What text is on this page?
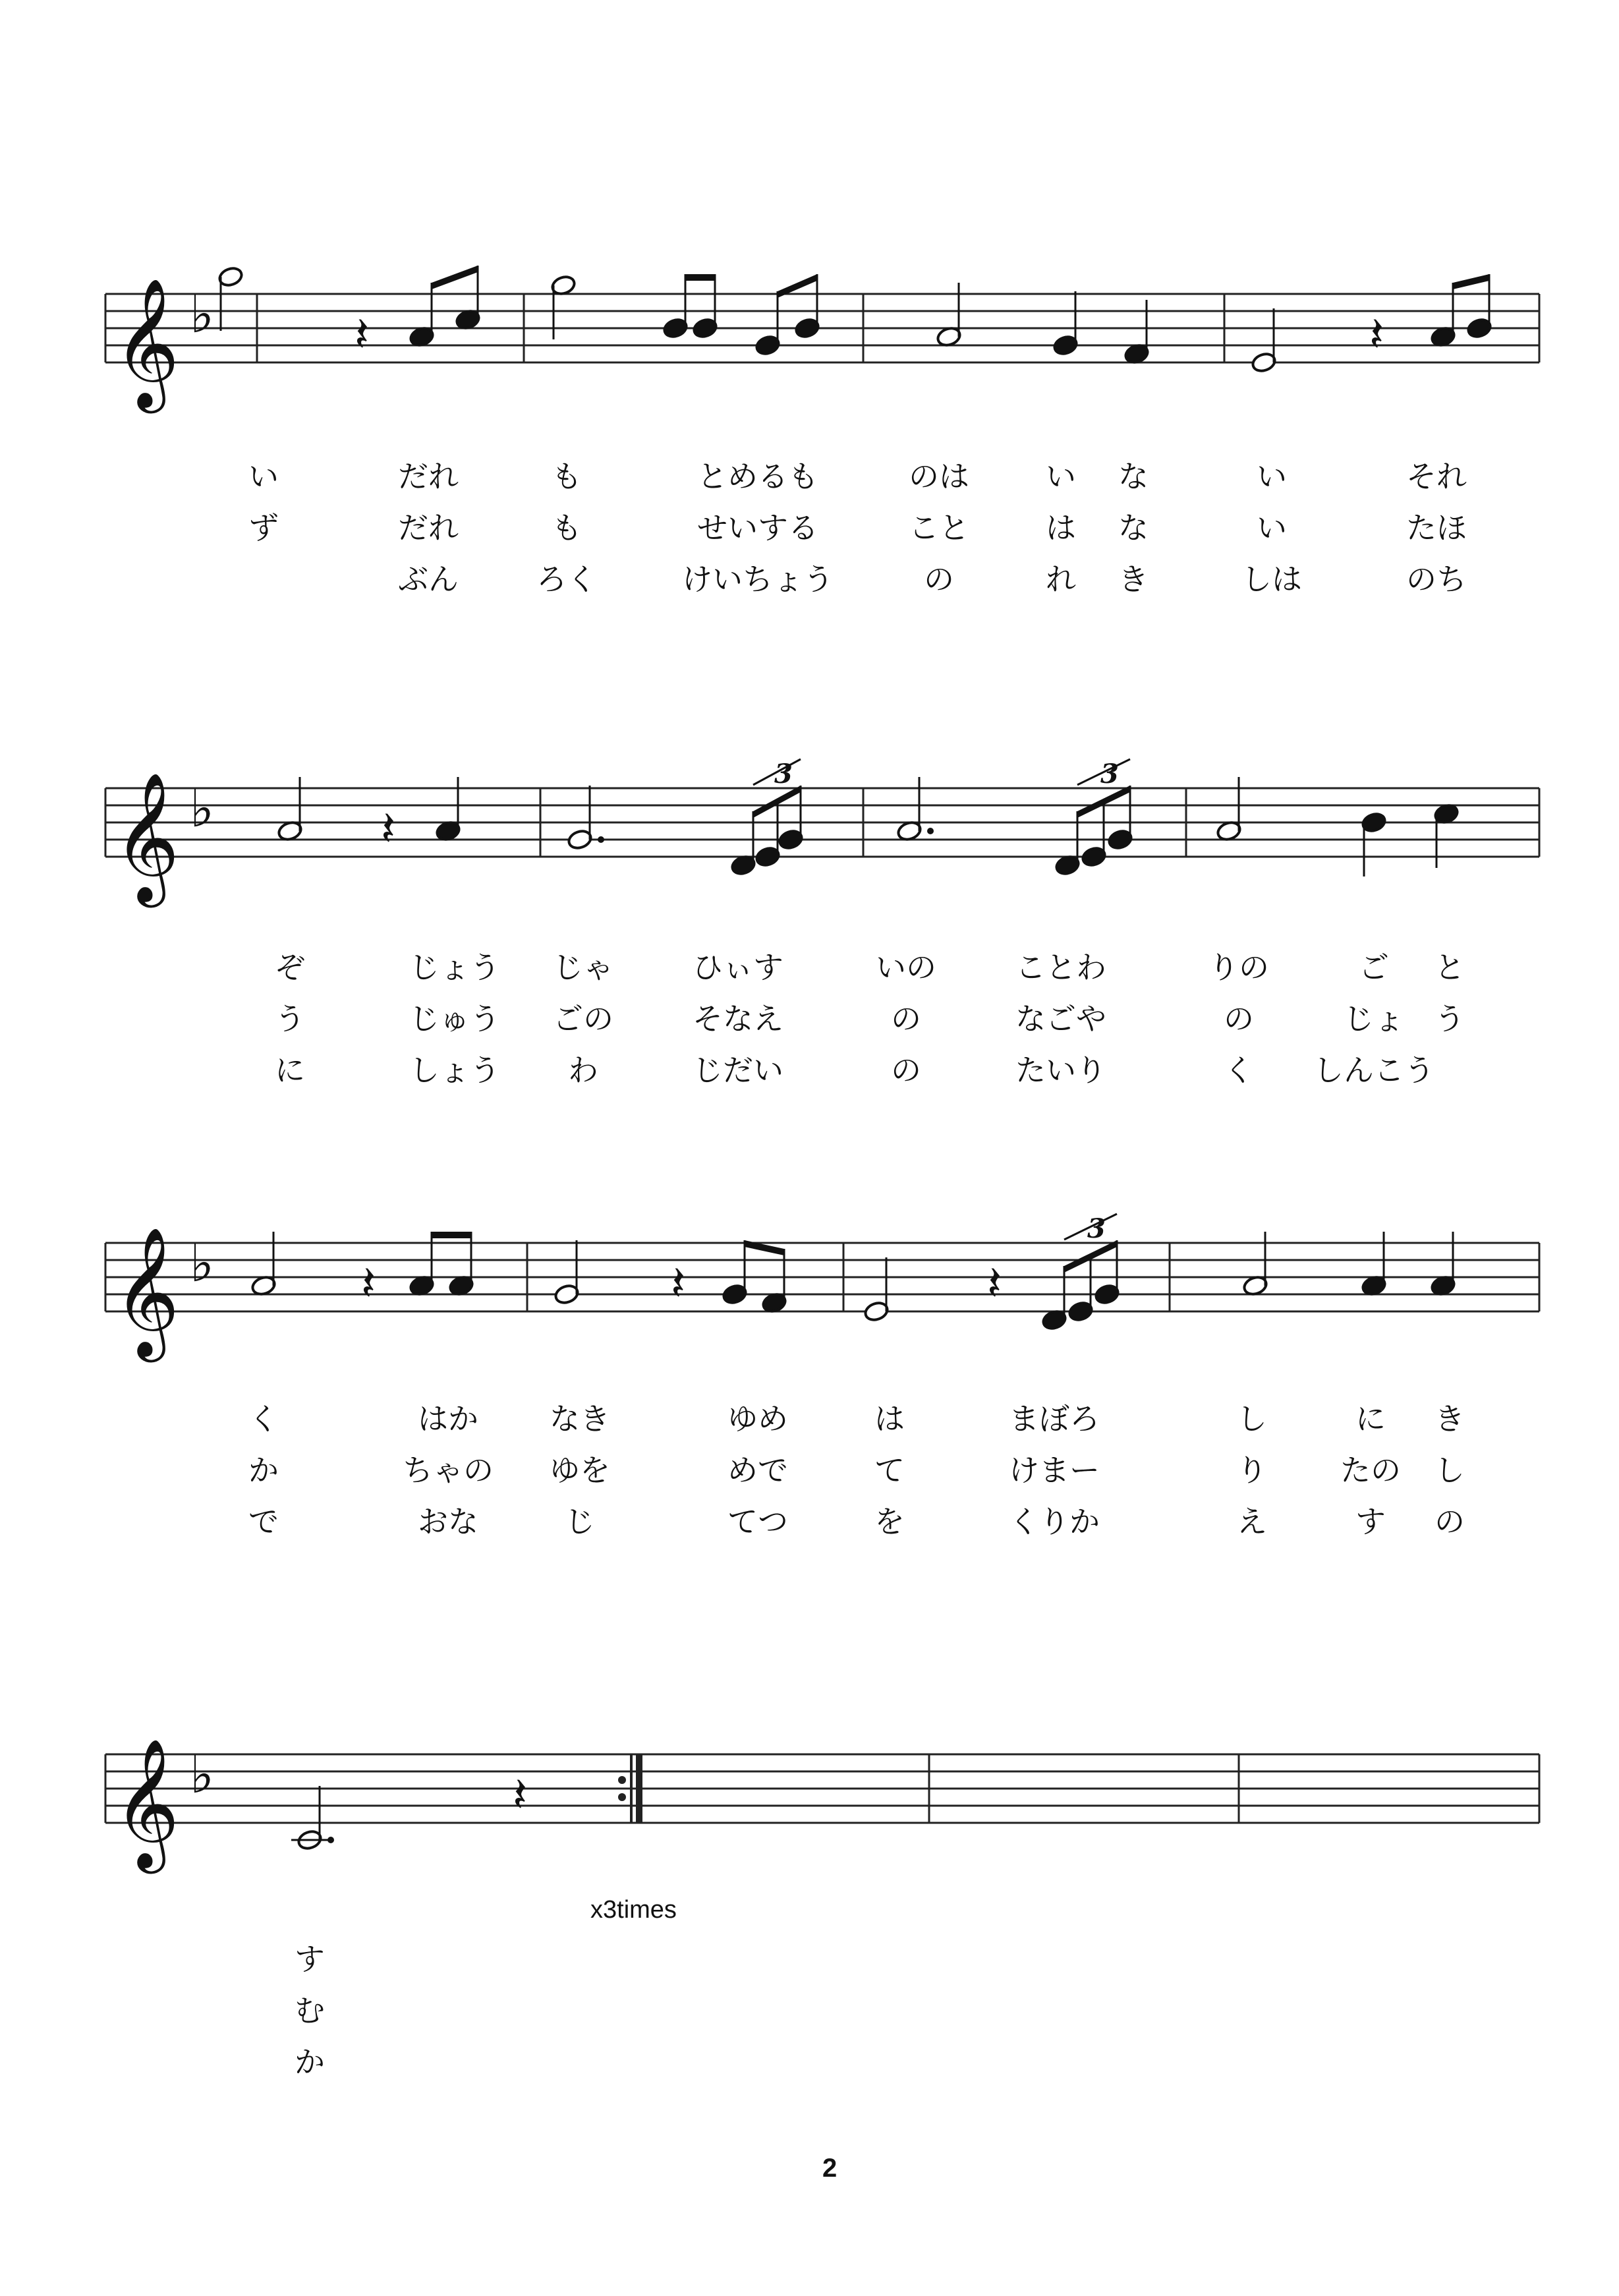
𝄞 ♭
𝄞 ♭
𝄞 ♭
𝄞 ♭
𝄽	𝄽
𝄽
3	3
𝄽	𝄽	𝄽
3
𝄽
い	だれ	も	とめるも	のは	い な	い	それ
ず	だれ	も	せいする	こと	は な	い	たほ
ぶん	ろく	けいちょう	の	れ き	しは	のち
ぞ	じょう じゃ	ひぃす	いの	ことわ	りの	ご と
う	じゅう ごの	そなえ	の	なごや	の	じょ う
に	しょう わ	じだい	の	たいり	く しんこう
く	はか なき	ゆめ	は	まぼろ	し	に き
か	ちゃの ゆを	めで	て	けまー	り たの し
で	おな	じ	てつ	を	くりか	え	す の
す
む
か
x3times
2
